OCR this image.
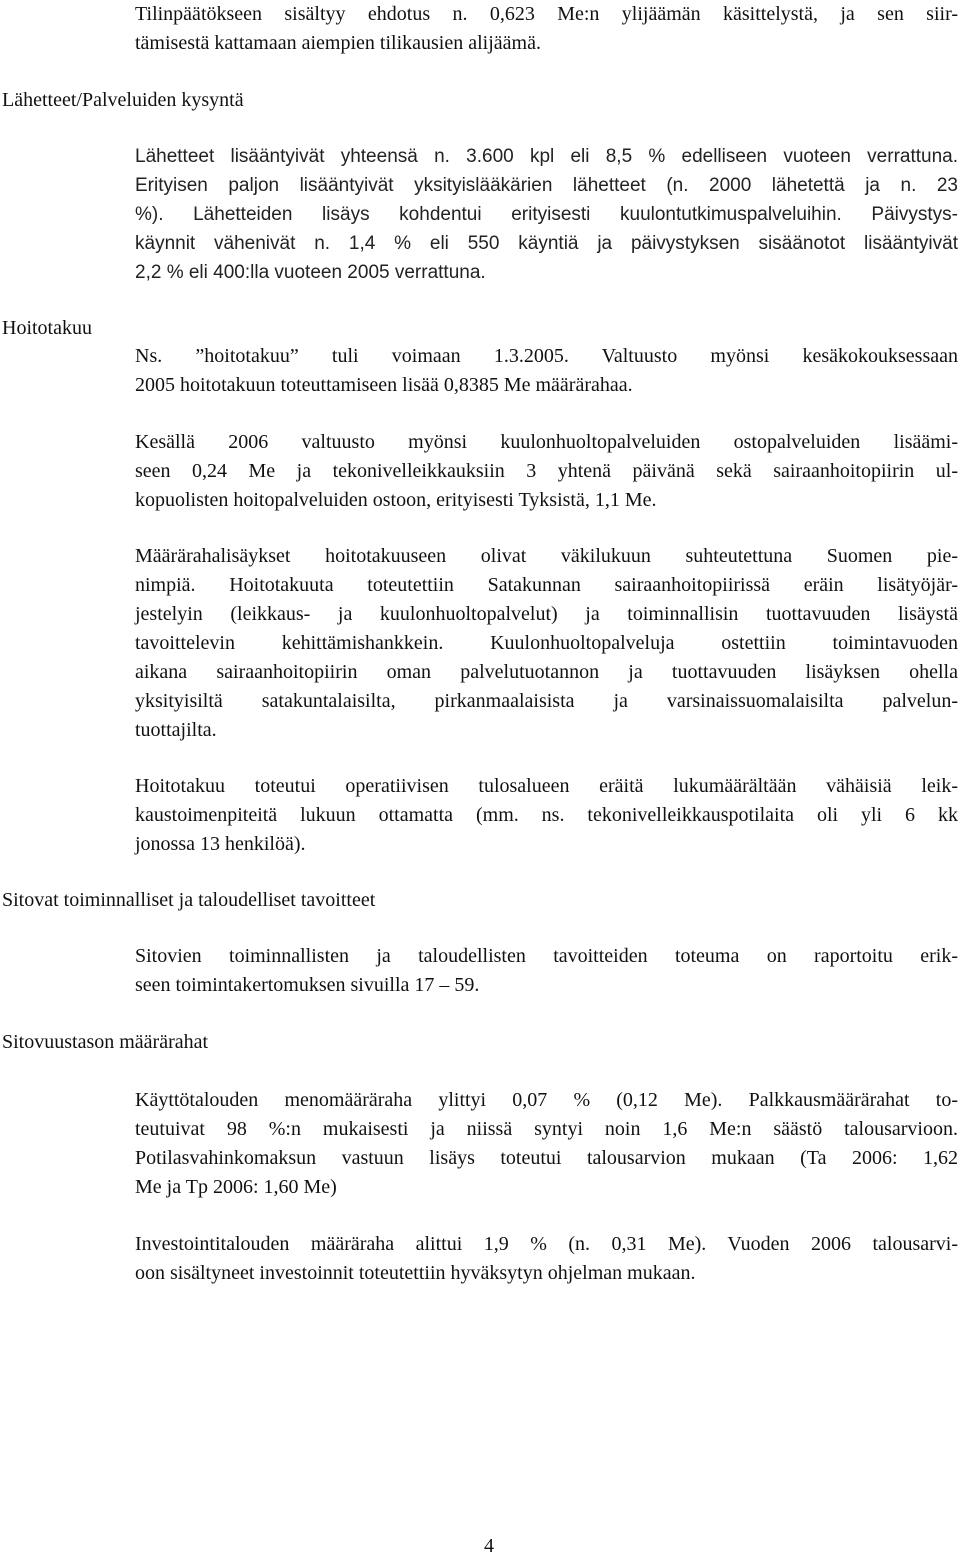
Tilinpäätökseen sisältyy ehdotus n. 0,623 Me:n ylijäämän käsittelystä, ja sen siir-
tämisestä kattamaan aiempien tilikausien alijäämä.
Lähetteet/Palveluiden kysyntä
Lähetteet lisääntyivät yhteensä n. 3.600 kpl eli 8,5 % edelliseen vuoteen verrattuna.
Erityisen paljon lisääntyivät yksityislääkärien lähetteet (n. 2000 lähetettä ja n. 23
%). Lähetteiden lisäys kohdentui erityisesti kuulontutkimuspalveluihin. Päivystys-
käynnit vähenivät n. 1,4 % eli 550 käyntiä ja päivystyksen sisäänotot lisääntyivät
2,2 % eli 400:lla vuoteen 2005 verrattuna.
Hoitotakuu
Ns. ”hoitotakuu” tuli voimaan 1.3.2005. Valtuusto myönsi kesäkokouksessaan
2005 hoitotakuun toteuttamiseen lisää 0,8385 Me määrärahaa.
Kesällä 2006 valtuusto myönsi kuulonhuoltopalveluiden ostopalveluiden lisäämi-
seen 0,24 Me ja tekonivelleikkauksiin 3 yhtenä päivänä sekä sairaanhoitopiirin ul-
kopuolisten hoitopalveluiden ostoon, erityisesti Tyksistä, 1,1 Me.
Määrärahalisäykset hoitotakuuseen olivat väkilukuun suhteutettuna Suomen pie-
nimpiä. Hoitotakuuta toteutettiin Satakunnan sairaanhoitopiirissä eräin lisätyöjär-
jestelyin (leikkaus- ja kuulonhuoltopalvelut) ja toiminnallisin tuottavuuden lisäystä
tavoittelevin kehittämishankkein. Kuulonhuoltopalveluja ostettiin toimintavuoden
aikana sairaanhoitopiirin oman palvelutuotannon ja tuottavuuden lisäyksen ohella
yksityisiltä satakuntalaisilta, pirkanmaalaisista ja varsinaissuomalaisilta palvelun-
tuottajilta.
Hoitotakuu toteutui operatiivisen tulosalueen eräitä lukumäärältään vähäisiä leik-
kaustoimenpiteitä lukuun ottamatta (mm. ns. tekonivelleikkauspotilaita oli yli 6 kk
jonossa 13 henkilöä).
Sitovat toiminnalliset ja taloudelliset tavoitteet
Sitovien toiminnallisten ja taloudellisten tavoitteiden toteuma on raportoitu erik-
seen toimintakertomuksen sivuilla 17 – 59.
Sitovuustason määrärahat
Käyttötalouden menomääräraha ylittyi 0,07 % (0,12 Me). Palkkausmäärärahat to-
teutuivat 98 %:n mukaisesti ja niissä syntyi noin 1,6 Me:n säästö talousarvioon.
Potilasvahinkomaksun vastuun lisäys toteutui talousarvion mukaan (Ta 2006: 1,62
Me ja Tp 2006: 1,60 Me)
Investointitalouden määräraha alittui 1,9 % (n. 0,31 Me). Vuoden 2006 talousarvi-
oon sisältyneet investoinnit toteutettiin hyväksytyn ohjelman mukaan.
4
